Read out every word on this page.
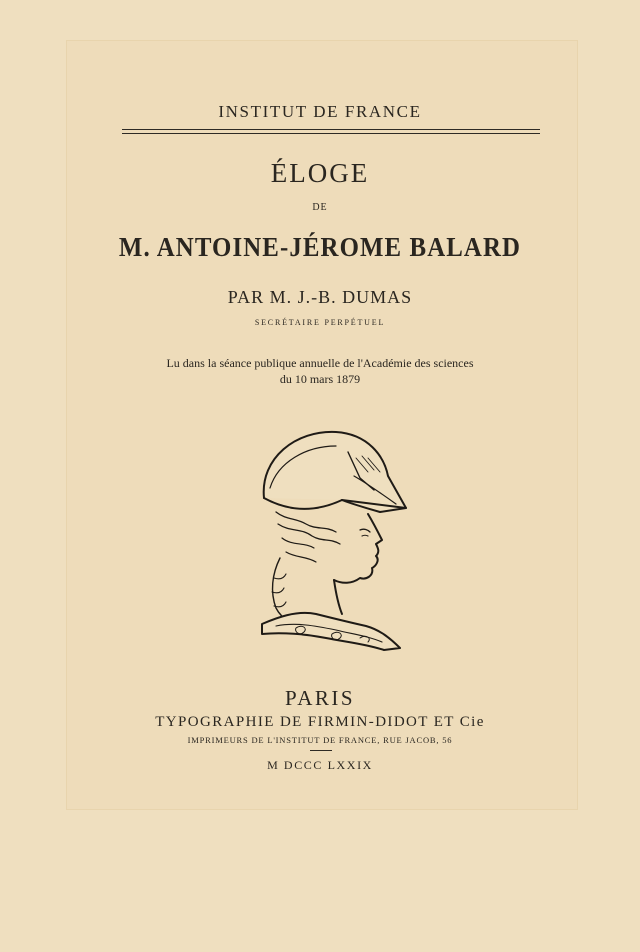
INSTITUT DE FRANCE
ÉLOGE
DE
M. ANTOINE-JÉROME BALARD
PAR M. J.-B. DUMAS
SECRÉTAIRE PERPÉTUEL
Lu dans la séance publique annuelle de l'Académie des sciences
du 10 mars 1879
PARIS
TYPOGRAPHIE DE FIRMIN-DIDOT ET Cie
IMPRIMEURS DE L'INSTITUT DE FRANCE, RUE JACOB, 56
M DCCC LXXIX
